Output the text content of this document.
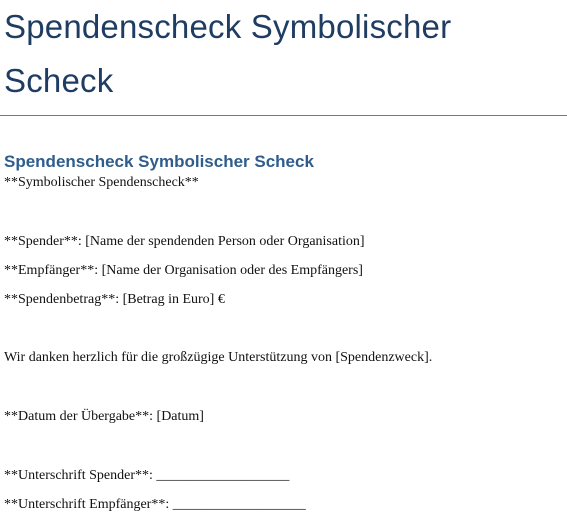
Spendenscheck Symbolischer
Scheck
Spendenscheck Symbolischer Scheck

**Symbolischer Spendenscheck**

**Spender**: [Name der spendenden Person oder Organisation]

**Empfänger**: [Name der Organisation oder des Empfängers]

**Spendenbetrag**: [Betrag in Euro] €

Wir danken herzlich für die großzügige Unterstützung von [Spendenzweck].

**Datum der Übergabe**: [Datum]

**Unterschrift Spender**: ___________________

**Unterschrift Empfänger**: ___________________
